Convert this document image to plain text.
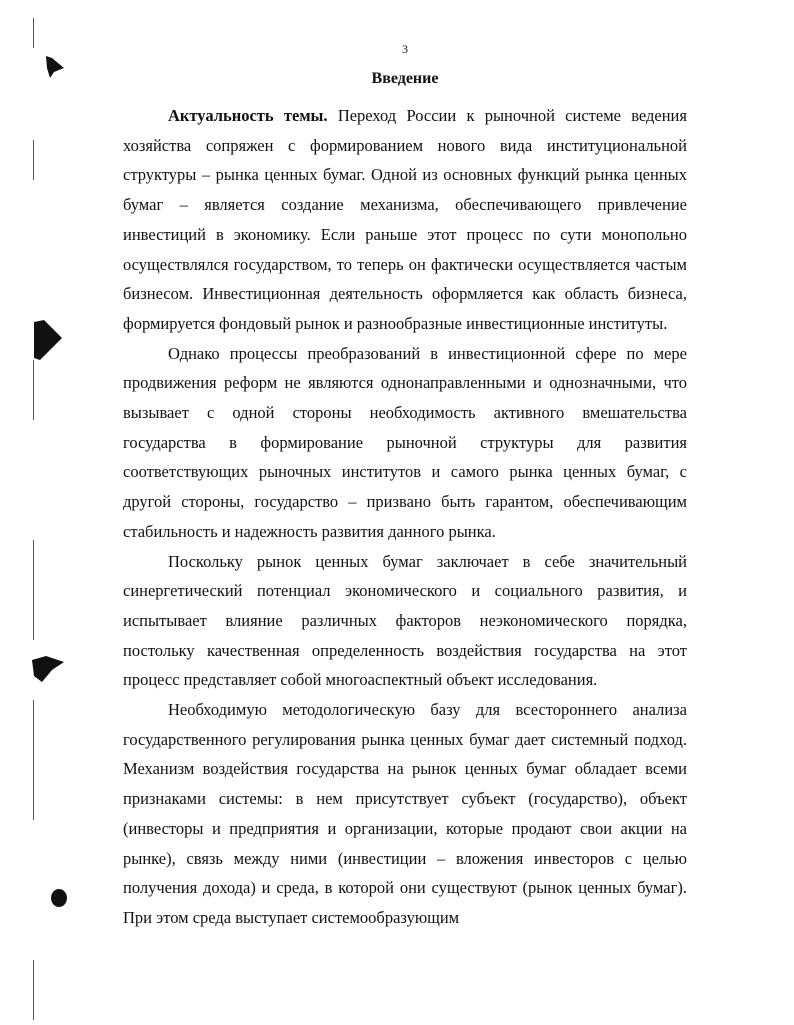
3
Введение

Актуальность темы. Переход России к рыночной системе ведения хозяйства сопряжен с формированием нового вида институциональной структуры – рынка ценных бумаг. Одной из основных функций рынка ценных бумаг – является создание механизма, обеспечивающего привлечение инвестиций в экономику. Если раньше этот процесс по сути монопольно осуществлялся государством, то теперь он фактически осуществляется частым бизнесом. Инвестиционная деятельность оформляется как область бизнеса, формируется фондовый рынок и разнообразные инвестиционные институты.

Однако процессы преобразований в инвестиционной сфере по мере продвижения реформ не являются однонаправленными и однозначными, что вызывает с одной стороны необходимость активного вмешательства государства в формирование рыночной структуры для развития соответствующих рыночных институтов и самого рынка ценных бумаг, с другой стороны, государство – призвано быть гарантом, обеспечивающим стабильность и надежность развития данного рынка.

Поскольку рынок ценных бумаг заключает в себе значительный синергетический потенциал экономического и социального развития, и испытывает влияние различных факторов неэкономического порядка, постольку качественная определенность воздействия государства на этот процесс представляет собой многоаспектный объект исследования.

Необходимую методологическую базу для всестороннего анализа государственного регулирования рынка ценных бумаг дает системный подход. Механизм воздействия государства на рынок ценных бумаг обладает всеми признаками системы: в нем присутствует субъект (государство), объект (инвесторы и предприятия и организации, которые продают свои акции на рынке), связь между ними (инвестиции – вложения инвесторов с целью получения дохода) и среда, в которой они существуют (рынок ценных бумаг). При этом среда выступает системообразующим
